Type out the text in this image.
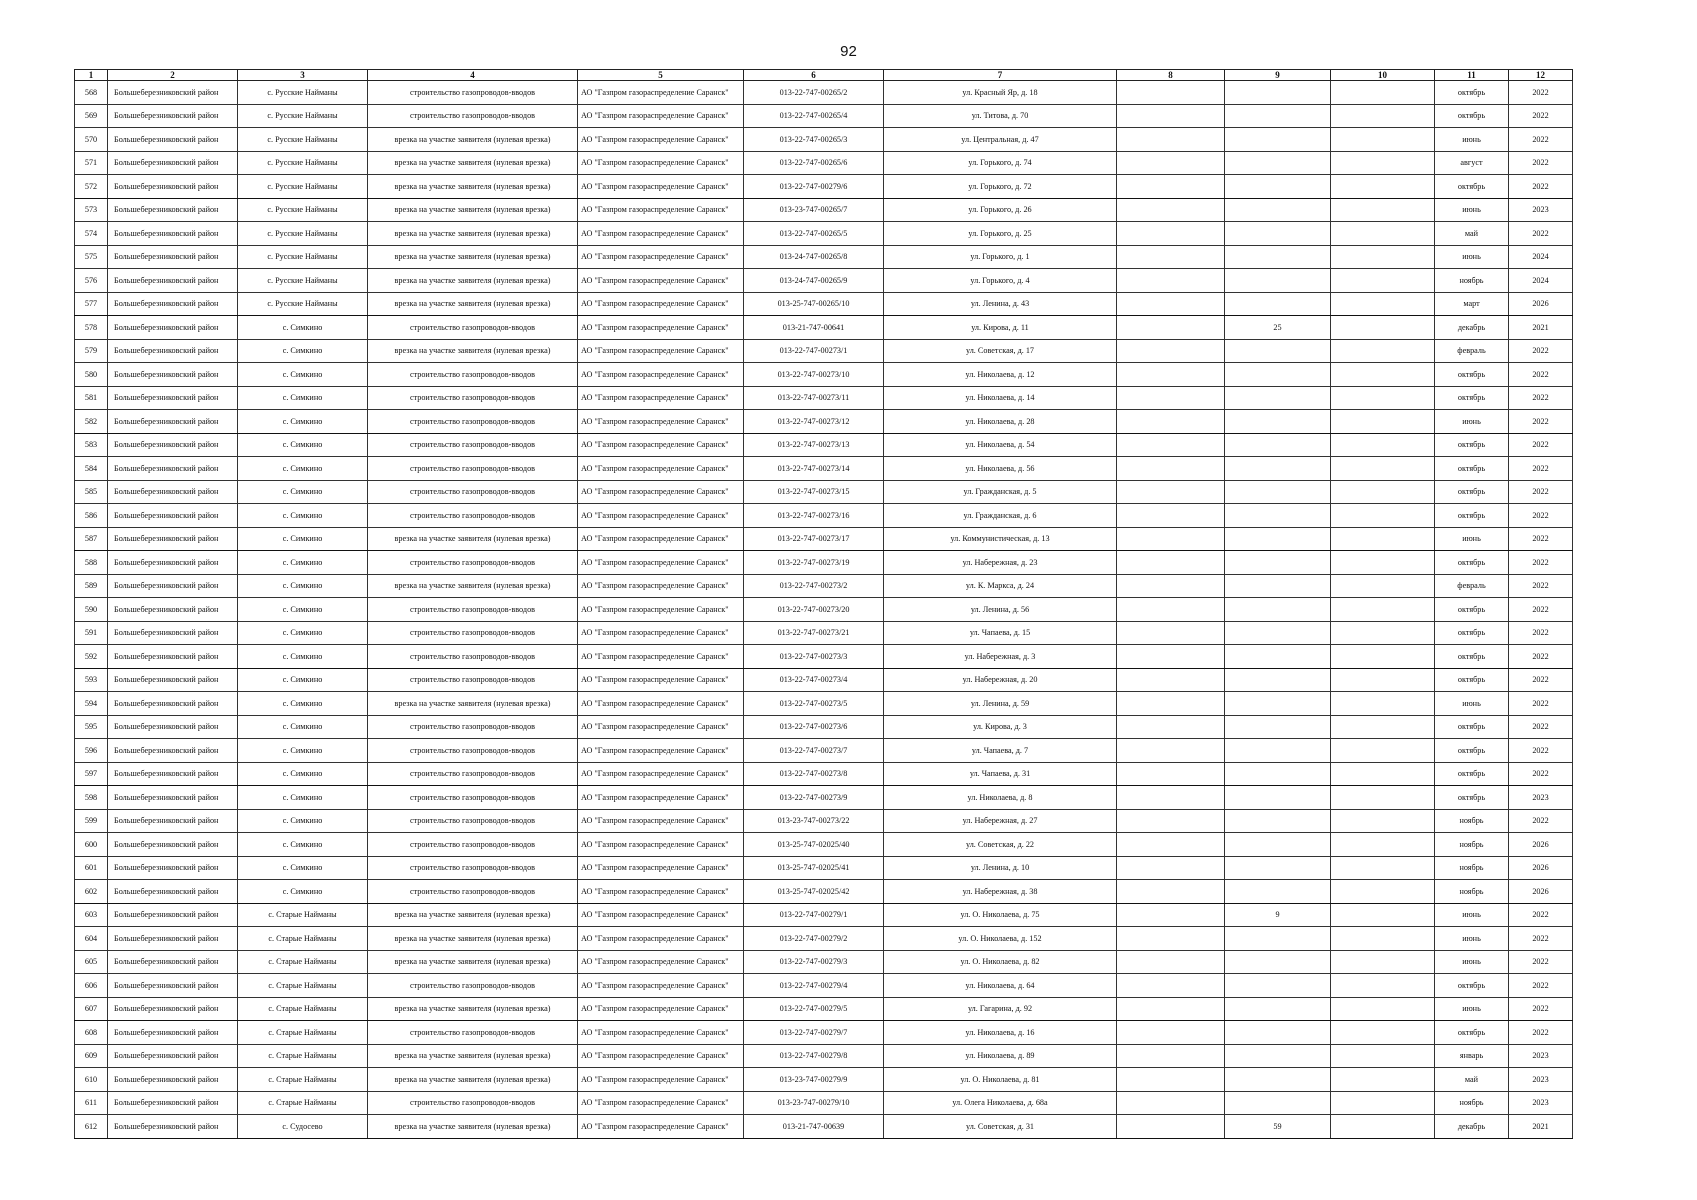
92
1	2	3	4	5	6	7	8	9	10	11	12
568	Большеберезниковский район	с. Русские Найманы	строительство газопроводов-вводов	АО "Газпром газораспределение Саранск"	013-22-747-00265/2	ул. Красный Яр, д. 18				октябрь	2022
569	Большеберезниковский район	с. Русские Найманы	строительство газопроводов-вводов	АО "Газпром газораспределение Саранск"	013-22-747-00265/4	ул. Титова, д. 70				октябрь	2022
570	Большеберезниковский район	с. Русские Найманы	врезка на участке заявителя (нулевая врезка)	АО "Газпром газораспределение Саранск"	013-22-747-00265/3	ул. Центральная, д. 47				июнь	2022
571	Большеберезниковский район	с. Русские Найманы	врезка на участке заявителя (нулевая врезка)	АО "Газпром газораспределение Саранск"	013-22-747-00265/6	ул. Горького, д. 74				август	2022
572	Большеберезниковский район	с. Русские Найманы	врезка на участке заявителя (нулевая врезка)	АО "Газпром газораспределение Саранск"	013-22-747-00279/6	ул. Горького, д. 72				октябрь	2022
573	Большеберезниковский район	с. Русские Найманы	врезка на участке заявителя (нулевая врезка)	АО "Газпром газораспределение Саранск"	013-23-747-00265/7	ул. Горького, д. 26				июнь	2023
574	Большеберезниковский район	с. Русские Найманы	врезка на участке заявителя (нулевая врезка)	АО "Газпром газораспределение Саранск"	013-22-747-00265/5	ул. Горького, д. 25				май	2022
575	Большеберезниковский район	с. Русские Найманы	врезка на участке заявителя (нулевая врезка)	АО "Газпром газораспределение Саранск"	013-24-747-00265/8	ул. Горького, д. 1				июнь	2024
576	Большеберезниковский район	с. Русские Найманы	врезка на участке заявителя (нулевая врезка)	АО "Газпром газораспределение Саранск"	013-24-747-00265/9	ул. Горького, д. 4				ноябрь	2024
577	Большеберезниковский район	с. Русские Найманы	врезка на участке заявителя (нулевая врезка)	АО "Газпром газораспределение Саранск"	013-25-747-00265/10	ул. Ленина, д. 43				март	2026
578	Большеберезниковский район	с. Симкино	строительство газопроводов-вводов	АО "Газпром газораспределение Саранск"	013-21-747-00641	ул. Кирова, д. 11		25		декабрь	2021
579	Большеберезниковский район	с. Симкино	врезка на участке заявителя (нулевая врезка)	АО "Газпром газораспределение Саранск"	013-22-747-00273/1	ул. Советская, д. 17				февраль	2022
580	Большеберезниковский район	с. Симкино	строительство газопроводов-вводов	АО "Газпром газораспределение Саранск"	013-22-747-00273/10	ул. Николаева, д. 12				октябрь	2022
581	Большеберезниковский район	с. Симкино	строительство газопроводов-вводов	АО "Газпром газораспределение Саранск"	013-22-747-00273/11	ул. Николаева, д. 14				октябрь	2022
582	Большеберезниковский район	с. Симкино	строительство газопроводов-вводов	АО "Газпром газораспределение Саранск"	013-22-747-00273/12	ул. Николаева, д. 28				июнь	2022
583	Большеберезниковский район	с. Симкино	строительство газопроводов-вводов	АО "Газпром газораспределение Саранск"	013-22-747-00273/13	ул. Николаева, д. 54				октябрь	2022
584	Большеберезниковский район	с. Симкино	строительство газопроводов-вводов	АО "Газпром газораспределение Саранск"	013-22-747-00273/14	ул. Николаева, д. 56				октябрь	2022
585	Большеберезниковский район	с. Симкино	строительство газопроводов-вводов	АО "Газпром газораспределение Саранск"	013-22-747-00273/15	ул. Гражданская, д. 5				октябрь	2022
586	Большеберезниковский район	с. Симкино	строительство газопроводов-вводов	АО "Газпром газораспределение Саранск"	013-22-747-00273/16	ул. Гражданская, д. 6				октябрь	2022
587	Большеберезниковский район	с. Симкино	врезка на участке заявителя (нулевая врезка)	АО "Газпром газораспределение Саранск"	013-22-747-00273/17	ул. Коммунистическая, д. 13				июнь	2022
588	Большеберезниковский район	с. Симкино	строительство газопроводов-вводов	АО "Газпром газораспределение Саранск"	013-22-747-00273/19	ул. Набережная, д. 23				октябрь	2022
589	Большеберезниковский район	с. Симкино	врезка на участке заявителя (нулевая врезка)	АО "Газпром газораспределение Саранск"	013-22-747-00273/2	ул. К. Маркса, д. 24				февраль	2022
590	Большеберезниковский район	с. Симкино	строительство газопроводов-вводов	АО "Газпром газораспределение Саранск"	013-22-747-00273/20	ул. Ленина, д. 56				октябрь	2022
591	Большеберезниковский район	с. Симкино	строительство газопроводов-вводов	АО "Газпром газораспределение Саранск"	013-22-747-00273/21	ул. Чапаева, д. 15				октябрь	2022
592	Большеберезниковский район	с. Симкино	строительство газопроводов-вводов	АО "Газпром газораспределение Саранск"	013-22-747-00273/3	ул. Набережная, д. 3				октябрь	2022
593	Большеберезниковский район	с. Симкино	строительство газопроводов-вводов	АО "Газпром газораспределение Саранск"	013-22-747-00273/4	ул. Набережная, д. 20				октябрь	2022
594	Большеберезниковский район	с. Симкино	врезка на участке заявителя (нулевая врезка)	АО "Газпром газораспределение Саранск"	013-22-747-00273/5	ул. Ленина, д. 59				июнь	2022
595	Большеберезниковский район	с. Симкино	строительство газопроводов-вводов	АО "Газпром газораспределение Саранск"	013-22-747-00273/6	ул. Кирова, д. 3				октябрь	2022
596	Большеберезниковский район	с. Симкино	строительство газопроводов-вводов	АО "Газпром газораспределение Саранск"	013-22-747-00273/7	ул. Чапаева, д. 7				октябрь	2022
597	Большеберезниковский район	с. Симкино	строительство газопроводов-вводов	АО "Газпром газораспределение Саранск"	013-22-747-00273/8	ул. Чапаева, д. 31				октябрь	2022
598	Большеберезниковский район	с. Симкино	строительство газопроводов-вводов	АО "Газпром газораспределение Саранск"	013-22-747-00273/9	ул. Николаева, д. 8				октябрь	2023
599	Большеберезниковский район	с. Симкино	строительство газопроводов-вводов	АО "Газпром газораспределение Саранск"	013-23-747-00273/22	ул. Набережная, д. 27				ноябрь	2022
600	Большеберезниковский район	с. Симкино	строительство газопроводов-вводов	АО "Газпром газораспределение Саранск"	013-25-747-02025/40	ул. Советская, д. 22				ноябрь	2026
601	Большеберезниковский район	с. Симкино	строительство газопроводов-вводов	АО "Газпром газораспределение Саранск"	013-25-747-02025/41	ул. Ленина, д. 10				ноябрь	2026
602	Большеберезниковский район	с. Симкино	строительство газопроводов-вводов	АО "Газпром газораспределение Саранск"	013-25-747-02025/42	ул. Набережная, д. 38				ноябрь	2026
603	Большеберезниковский район	с. Старые Найманы	врезка на участке заявителя (нулевая врезка)	АО "Газпром газораспределение Саранск"	013-22-747-00279/1	ул. О. Николаева, д. 75		9		июнь	2022
604	Большеберезниковский район	с. Старые Найманы	врезка на участке заявителя (нулевая врезка)	АО "Газпром газораспределение Саранск"	013-22-747-00279/2	ул. О. Николаева, д. 152				июнь	2022
605	Большеберезниковский район	с. Старые Найманы	врезка на участке заявителя (нулевая врезка)	АО "Газпром газораспределение Саранск"	013-22-747-00279/3	ул. О. Николаева, д. 82				июнь	2022
606	Большеберезниковский район	с. Старые Найманы	строительство газопроводов-вводов	АО "Газпром газораспределение Саранск"	013-22-747-00279/4	ул. Николаева, д. 64				октябрь	2022
607	Большеберезниковский район	с. Старые Найманы	врезка на участке заявителя (нулевая врезка)	АО "Газпром газораспределение Саранск"	013-22-747-00279/5	ул. Гагарина, д. 92				июнь	2022
608	Большеберезниковский район	с. Старые Найманы	строительство газопроводов-вводов	АО "Газпром газораспределение Саранск"	013-22-747-00279/7	ул. Николаева, д. 16				октябрь	2022
609	Большеберезниковский район	с. Старые Найманы	врезка на участке заявителя (нулевая врезка)	АО "Газпром газораспределение Саранск"	013-22-747-00279/8	ул. Николаева, д. 89				январь	2023
610	Большеберезниковский район	с. Старые Найманы	врезка на участке заявителя (нулевая врезка)	АО "Газпром газораспределение Саранск"	013-23-747-00279/9	ул. О. Николаева, д. 81				май	2023
611	Большеберезниковский район	с. Старые Найманы	строительство газопроводов-вводов	АО "Газпром газораспределение Саранск"	013-23-747-00279/10	ул. Олега Николаева, д. 68а				ноябрь	2023
612	Большеберезниковский район	с. Судосево	врезка на участке заявителя (нулевая врезка)	АО "Газпром газораспределение Саранск"	013-21-747-00639	ул. Советская, д. 31		59		декабрь	2021
